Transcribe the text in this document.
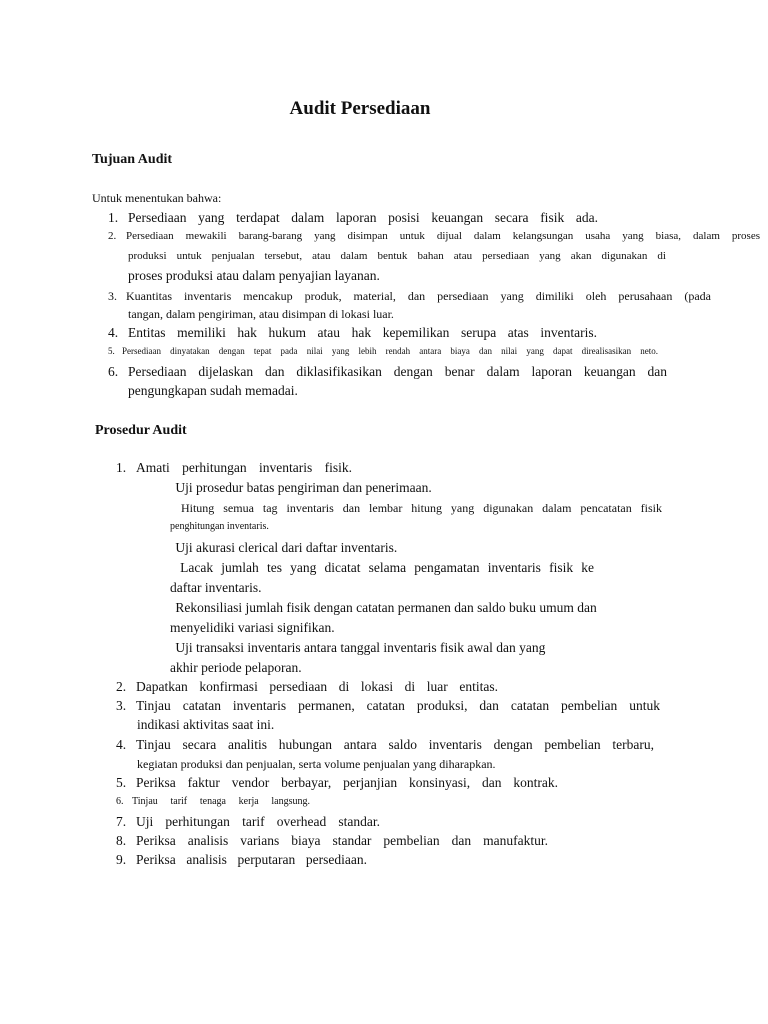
Audit Persediaan
Tujuan Audit
Untuk menentukan bahwa:
1. Persediaan yang terdapat dalam laporan posisi keuangan secara fisik ada.
2. Persediaan mewakili barang-barang yang disimpan untuk dijual dalam kelangsungan usaha yang biasa, dalam proses
produksi untuk penjualan tersebut, atau dalam bentuk bahan atau persediaan yang akan digunakan di
proses produksi atau dalam penyajian layanan.
3. Kuantitas inventaris mencakup produk, material, dan persediaan yang dimiliki oleh perusahaan (pada
tangan, dalam pengiriman, atau disimpan di lokasi luar.
4. Entitas memiliki hak hukum atau hak kepemilikan serupa atas inventaris.
5. Persediaan dinyatakan dengan tepat pada nilai yang lebih rendah antara biaya dan nilai yang dapat direalisasikan neto.
6. Persediaan dijelaskan dan diklasifikasikan dengan benar dalam laporan keuangan dan
pengungkapan sudah memadai.
Prosedur Audit
1. Amati perhitungan inventaris fisik.
Uji prosedur batas pengiriman dan penerimaan.
Hitung semua tag inventaris dan lembar hitung yang digunakan dalam pencatatan fisik
penghitungan inventaris.
Uji akurasi clerical dari daftar inventaris.
Lacak jumlah tes yang dicatat selama pengamatan inventaris fisik ke
daftar inventaris.
Rekonsiliasi jumlah fisik dengan catatan permanen dan saldo buku umum dan
menyelidiki variasi signifikan.
Uji transaksi inventaris antara tanggal inventaris fisik awal dan yang
akhir periode pelaporan.
2. Dapatkan konfirmasi persediaan di lokasi di luar entitas.
3. Tinjau catatan inventaris permanen, catatan produksi, dan catatan pembelian untuk
indikasi aktivitas saat ini.
4. Tinjau secara analitis hubungan antara saldo inventaris dengan pembelian terbaru,
kegiatan produksi dan penjualan, serta volume penjualan yang diharapkan.
5. Periksa faktur vendor berbayar, perjanjian konsinyasi, dan kontrak.
6. Tinjau tarif tenaga kerja langsung.
7. Uji perhitungan tarif overhead standar.
8. Periksa analisis varians biaya standar pembelian dan manufaktur.
9. Periksa analisis perputaran persediaan.
